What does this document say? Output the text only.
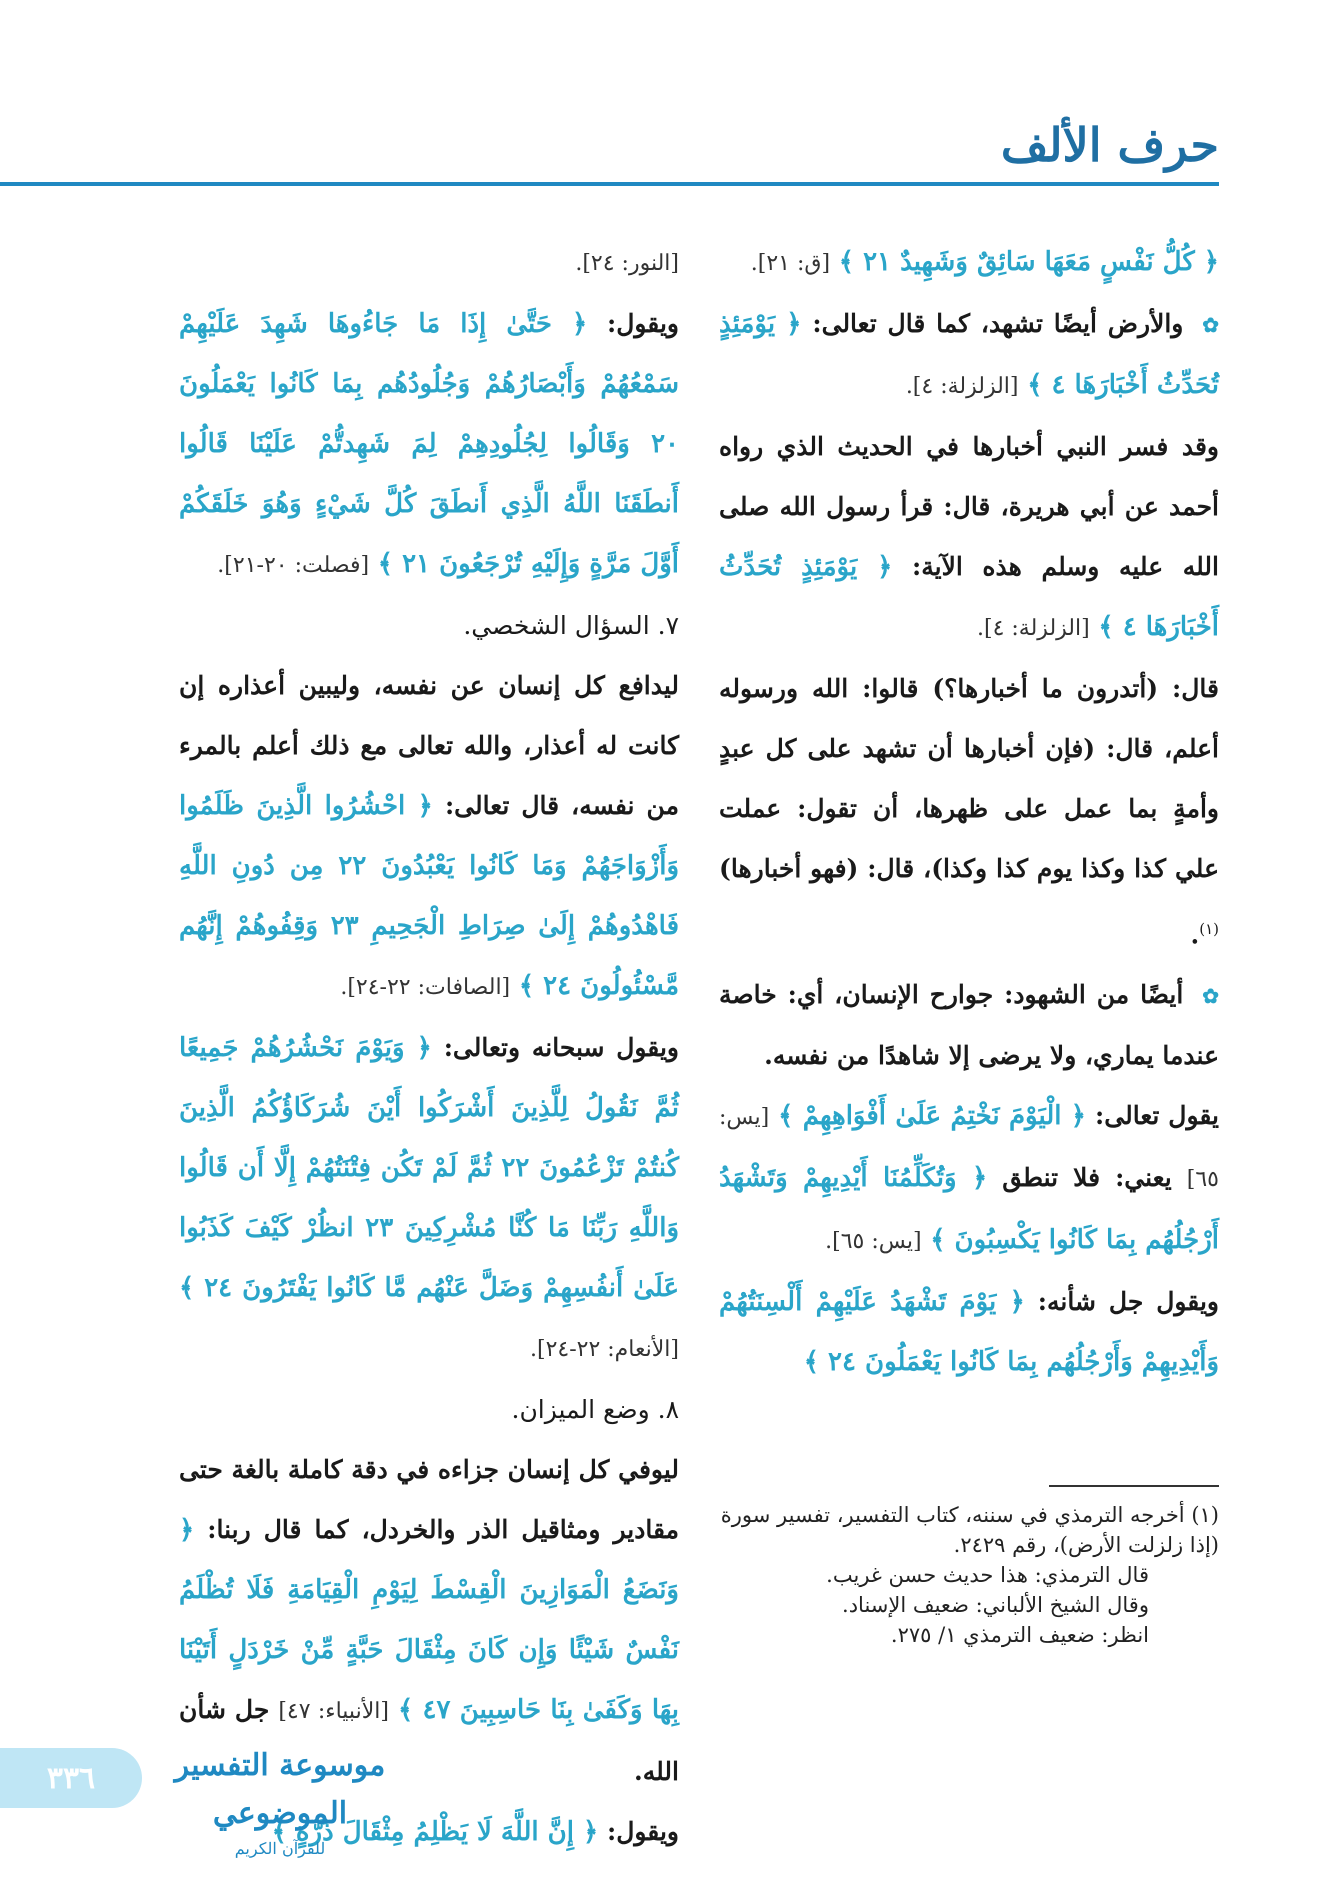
حرف الألف

﴿ كُلُّ نَفْسٍ مَعَهَا سَائِقٌ وَشَهِيدٌ ٢١ ﴾ [ق: ٢١].

✿ والأرض أيضًا تشهد، كما قال تعالى: ﴿ يَوْمَئِذٍ تُحَدِّثُ أَخْبَارَهَا ٤ ﴾ [الزلزلة: ٤].

وقد فسر النبي أخبارها في الحديث الذي رواه أحمد عن أبي هريرة، قال: قرأ رسول الله صلى الله عليه وسلم هذه الآية: ﴿ يَوْمَئِذٍ تُحَدِّثُ أَخْبَارَهَا ٤ ﴾ [الزلزلة: ٤].

قال: (أتدرون ما أخبارها؟) قالوا: الله ورسوله أعلم، قال: (فإن أخبارها أن تشهد على كل عبدٍ وأمةٍ بما عمل على ظهرها، أن تقول: عملت علي كذا وكذا يوم كذا وكذا)، قال: (فهو أخبارها)$^{(١)}$.

✿ أيضًا من الشهود: جوارح الإنسان، أي: خاصة عندما يماري، ولا يرضى إلا شاهدًا من نفسه.

يقول تعالى: ﴿ الْيَوْمَ نَخْتِمُ عَلَىٰ أَفْوَاهِهِمْ ﴾ [يس: ٦٥] يعني: فلا تنطق ﴿ وَتُكَلِّمُنَا أَيْدِيهِمْ وَتَشْهَدُ أَرْجُلُهُم بِمَا كَانُوا يَكْسِبُونَ ﴾ [يس: ٦٥].

ويقول جل شأنه: ﴿ يَوْمَ تَشْهَدُ عَلَيْهِمْ أَلْسِنَتُهُمْ وَأَيْدِيهِمْ وَأَرْجُلُهُم بِمَا كَانُوا يَعْمَلُونَ ٢٤ ﴾

[النور: ٢٤].

ويقول: ﴿ حَتَّىٰ إِذَا مَا جَاءُوهَا شَهِدَ عَلَيْهِمْ سَمْعُهُمْ وَأَبْصَارُهُمْ وَجُلُودُهُم بِمَا كَانُوا يَعْمَلُونَ ٢٠ وَقَالُوا لِجُلُودِهِمْ لِمَ شَهِدتُّمْ عَلَيْنَا قَالُوا أَنطَقَنَا اللَّهُ الَّذِي أَنطَقَ كُلَّ شَيْءٍ وَهُوَ خَلَقَكُمْ أَوَّلَ مَرَّةٍ وَإِلَيْهِ تُرْجَعُونَ ٢١ ﴾ [فصلت: ٢٠-٢١].

٧. السؤال الشخصي.

ليدافع كل إنسان عن نفسه، وليبين أعذاره إن كانت له أعذار، والله تعالى مع ذلك أعلم بالمرء من نفسه، قال تعالى: ﴿ احْشُرُوا الَّذِينَ ظَلَمُوا وَأَزْوَاجَهُمْ وَمَا كَانُوا يَعْبُدُونَ ٢٢ مِن دُونِ اللَّهِ فَاهْدُوهُمْ إِلَىٰ صِرَاطِ الْجَحِيمِ ٢٣ وَقِفُوهُمْ إِنَّهُم مَّسْئُولُونَ ٢٤ ﴾ [الصافات: ٢٢-٢٤].

ويقول سبحانه وتعالى: ﴿ وَيَوْمَ نَحْشُرُهُمْ جَمِيعًا ثُمَّ نَقُولُ لِلَّذِينَ أَشْرَكُوا أَيْنَ شُرَكَاؤُكُمُ الَّذِينَ كُنتُمْ تَزْعُمُونَ ٢٢ ثُمَّ لَمْ تَكُن فِتْنَتُهُمْ إِلَّا أَن قَالُوا وَاللَّهِ رَبِّنَا مَا كُنَّا مُشْرِكِينَ ٢٣ انظُرْ كَيْفَ كَذَبُوا عَلَىٰ أَنفُسِهِمْ وَضَلَّ عَنْهُم مَّا كَانُوا يَفْتَرُونَ ٢٤ ﴾ [الأنعام: ٢٢-٢٤].

٨. وضع الميزان.

ليوفي كل إنسان جزاءه في دقة كاملة بالغة حتى مقادير ومثاقيل الذر والخردل، كما قال ربنا: ﴿ وَنَضَعُ الْمَوَازِينَ الْقِسْطَ لِيَوْمِ الْقِيَامَةِ فَلَا تُظْلَمُ نَفْسٌ شَيْئًا وَإِن كَانَ مِثْقَالَ حَبَّةٍ مِّنْ خَرْدَلٍ أَتَيْنَا بِهَا وَكَفَىٰ بِنَا حَاسِبِينَ ٤٧ ﴾ [الأنبياء: ٤٧] جل شأن الله.

ويقول: ﴿ إِنَّ اللَّهَ لَا يَظْلِمُ مِثْقَالَ ذَرَّةٍ ﴾

(١) أخرجه الترمذي في سننه، كتاب التفسير، تفسير سورة (إذا زلزلت الأرض)، رقم ٢٤٢٩.

قال الترمذي: هذا حديث حسن غريب.

وقال الشيخ الألباني: ضعيف الإسناد.

انظر: ضعيف الترمذي ١/ ٢٧٥.

٣٣٦	موسوعة التفسير الموضوعي
للقرآن الكريم
